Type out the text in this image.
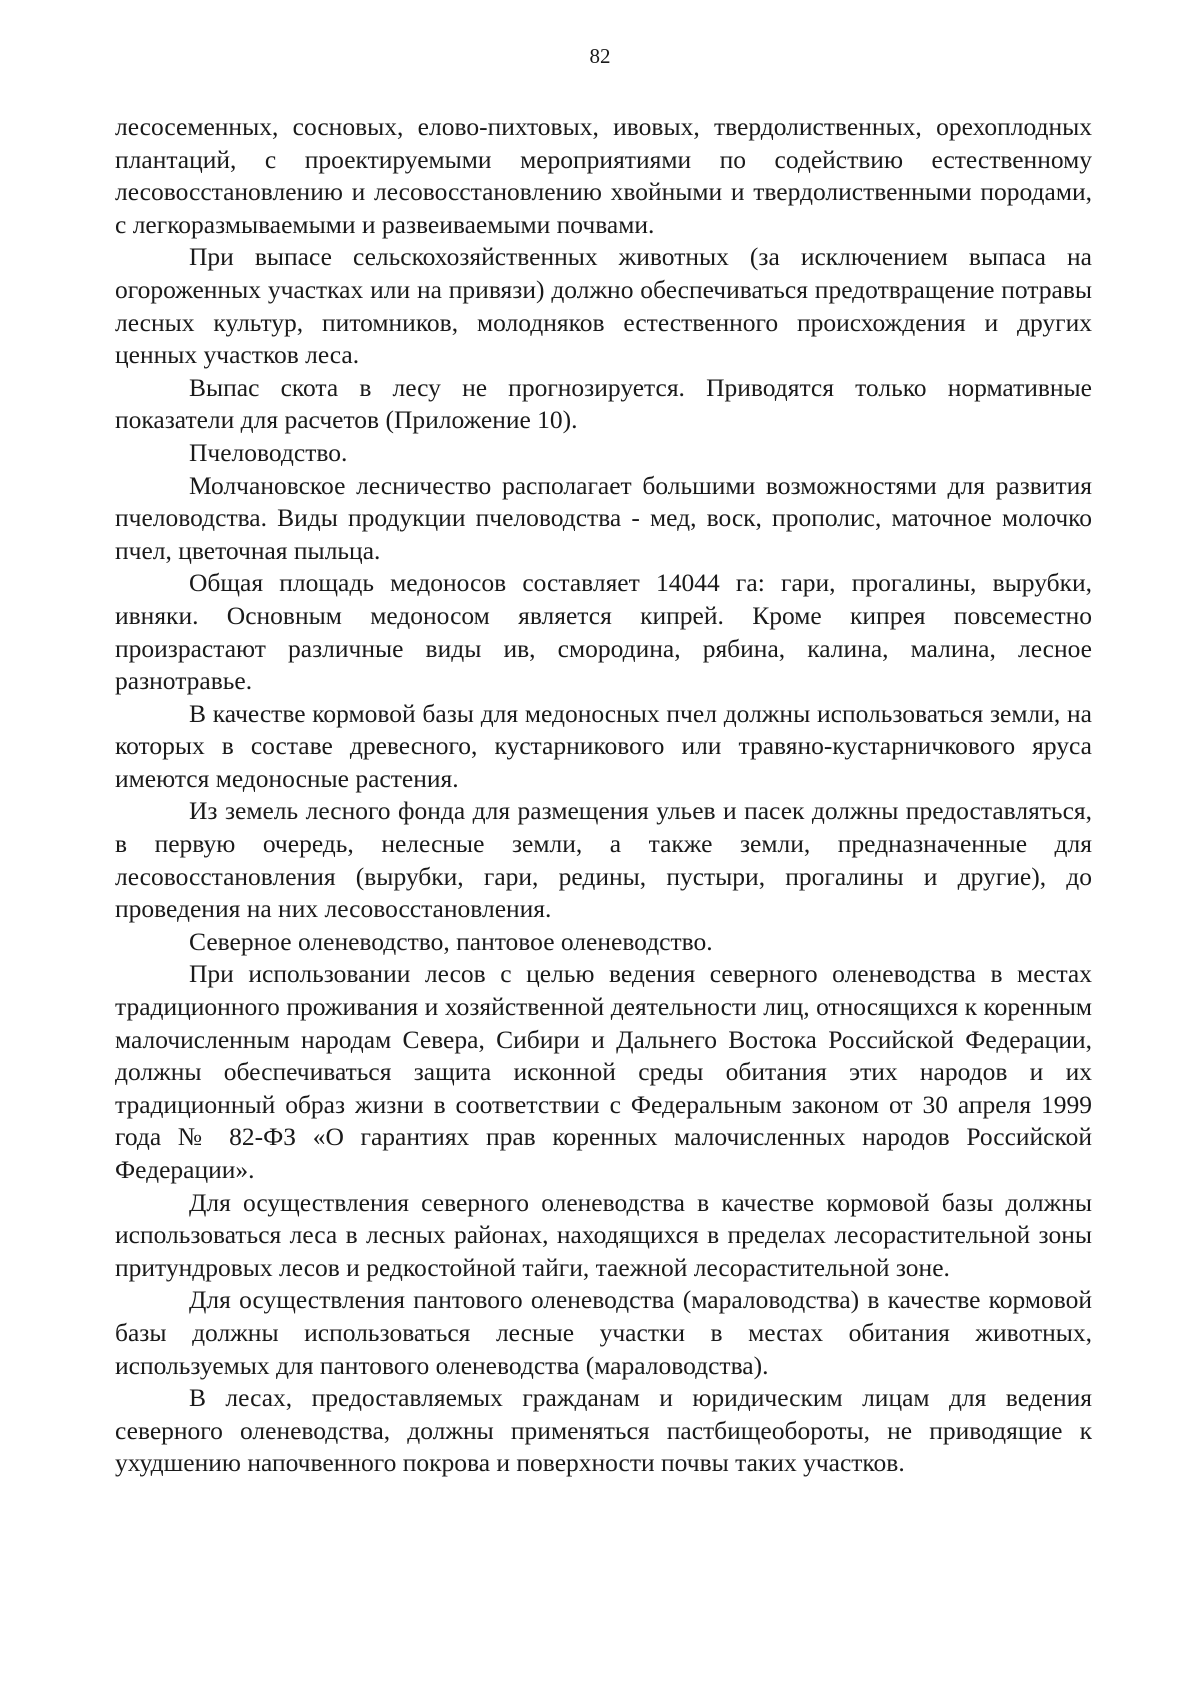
82

лесосеменных, сосновых, елово-пихтовых, ивовых, твердолиственных, орехоплодных плантаций, с проектируемыми мероприятиями по содействию естественному лесовосстановлению и лесовосстановлению хвойными и твердолиственными породами, с легкоразмываемыми и развеиваемыми почвами.

При выпасе сельскохозяйственных животных (за исключением выпаса на огороженных участках или на привязи) должно обеспечиваться предотвращение потравы лесных культур, питомников, молодняков естественного происхождения и других ценных участков леса.

Выпас скота в лесу не прогнозируется. Приводятся только нормативные показатели для расчетов (Приложение 10).

Пчеловодство.

Молчановское лесничество располагает большими возможностями для развития пчеловодства. Виды продукции пчеловодства - мед, воск, прополис, маточное молочко пчел, цветочная пыльца.

Общая площадь медоносов составляет 14044 га: гари, прогалины, вырубки, ивняки. Основным медоносом является кипрей. Кроме кипрея повсеместно произрастают различные виды ив, смородина, рябина, калина, малина, лесное разнотравье.

В качестве кормовой базы для медоносных пчел должны использоваться земли, на которых в составе древесного, кустарникового или травяно-кустарничкового яруса имеются медоносные растения.

Из земель лесного фонда для размещения ульев и пасек должны предоставляться, в первую очередь, нелесные земли, а также земли, предназначенные для лесовосстановления (вырубки, гари, редины, пустыри, прогалины и другие), до проведения на них лесовосстановления.

Северное оленеводство, пантовое оленеводство.

При использовании лесов с целью ведения северного оленеводства в местах традиционного проживания и хозяйственной деятельности лиц, относящихся к коренным малочисленным народам Севера, Сибири и Дальнего Востока Российской Федерации, должны обеспечиваться защита исконной среды обитания этих народов и их традиционный образ жизни в соответствии с Федеральным законом от 30 апреля 1999 года № 82-ФЗ «О гарантиях прав коренных малочисленных народов Российской Федерации».

Для осуществления северного оленеводства в качестве кормовой базы должны использоваться леса в лесных районах, находящихся в пределах лесорастительной зоны притундровых лесов и редкостойной тайги, таежной лесорастительной зоне.

Для осуществления пантового оленеводства (мараловодства) в качестве кормовой базы должны использоваться лесные участки в местах обитания животных, используемых для пантового оленеводства (мараловодства).

В лесах, предоставляемых гражданам и юридическим лицам для ведения северного оленеводства, должны применяться пастбищеобороты, не приводящие к ухудшению напочвенного покрова и поверхности почвы таких участков.
